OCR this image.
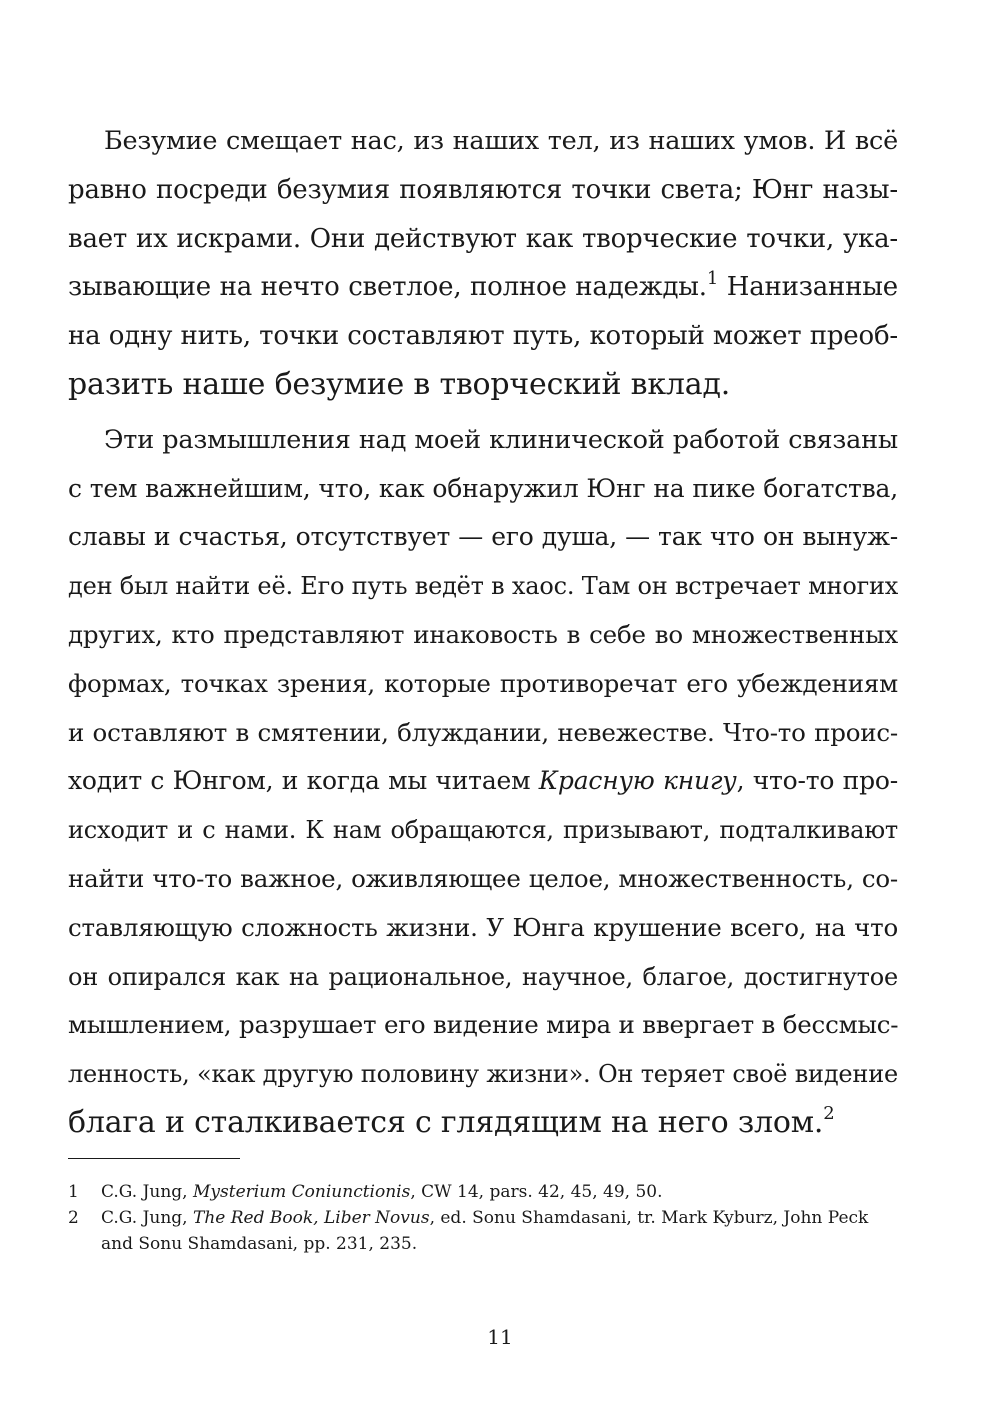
Безумие смещает нас, из наших тел, из наших умов. И всё
равно посреди безумия появляются точки света; Юнг назы-
вает их искрами. Они действуют как творческие точки, ука-
зывающие на нечто светлое, полное надежды.$^1$ Нанизанные
на одну нить, точки составляют путь, который может преоб-
разить наше безумие в творческий вклад.
Эти размышления над моей клинической работой связаны
с тем важнейшим, что, как обнаружил Юнг на пике богатства,
славы и счастья, отсутствует — его душа, — так что он вынуж-
ден был найти её. Его путь ведёт в хаос. Там он встречает многих
других, кто представляют инаковость в себе во множественных
формах, точках зрения, которые противоречат его убеждениям
и оставляют в смятении, блуждании, невежестве. Что-то проис-
ходит с Юнгом, и когда мы читаем Красную книгу, что-то про-
исходит и с нами. К нам обращаются, призывают, подталкивают
найти что-то важное, оживляющее целое, множественность, со-
ставляющую сложность жизни. У Юнга крушение всего, на что
он опирался как на рациональное, научное, благое, достигнутое
мышлением, разрушает его видение мира и ввергает в бессмыс-
ленность, «как другую половину жизни». Он теряет своё видение
блага и сталкивается с глядящим на него злом.$^2$
1 C.G. Jung, Mysterium Coniunctionis, CW 14, pars. 42, 45, 49, 50.
2 C.G. Jung, The Red Book, Liber Novus, ed. Sonu Shamdasani, tr. Mark Kyburz, John Peck and Sonu Shamdasani, pp. 231, 235.
11
